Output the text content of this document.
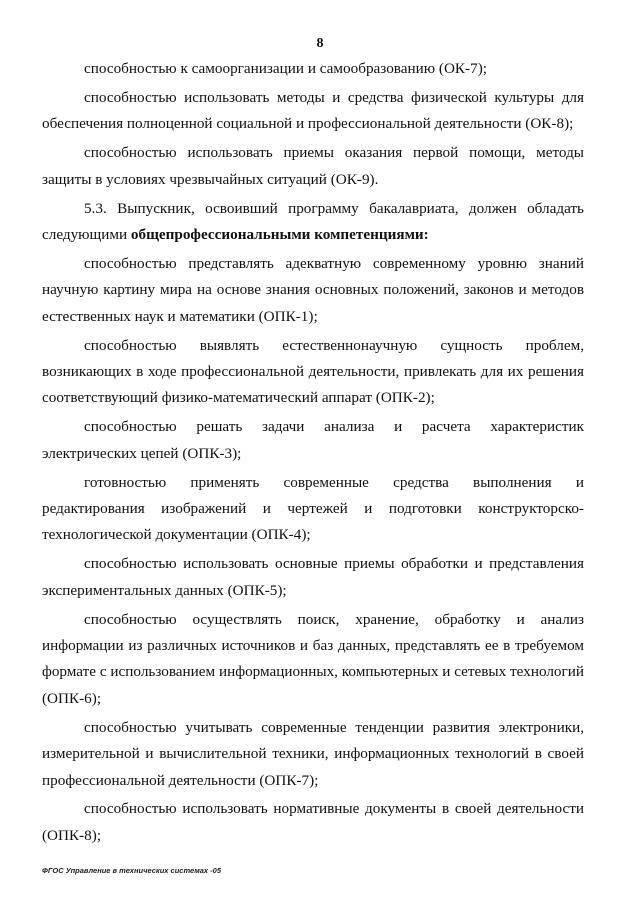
8

способностью к самоорганизации и самообразованию (ОК-7);

способностью использовать методы и средства физической культуры для обеспечения полноценной социальной и профессиональной деятельности (ОК-8);

способностью использовать приемы оказания первой помощи, методы защиты в условиях чрезвычайных ситуаций (ОК-9).

5.3. Выпускник, освоивший программу бакалавриата, должен обладать следующими общепрофессиональными компетенциями:

способностью представлять адекватную современному уровню знаний научную картину мира на основе знания основных положений, законов и методов естественных наук и математики (ОПК-1);

способностью выявлять естественнонаучную сущность проблем, возникающих в ходе профессиональной деятельности, привлекать для их решения соответствующий физико-математический аппарат (ОПК-2);

способностью решать задачи анализа и расчета характеристик электрических цепей (ОПК-3);

готовностью применять современные средства выполнения и редактирования изображений и чертежей и подготовки конструкторско-технологической документации (ОПК-4);

способностью использовать основные приемы обработки и представления экспериментальных данных (ОПК-5);

способностью осуществлять поиск, хранение, обработку и анализ информации из различных источников и баз данных, представлять ее в требуемом формате с использованием информационных, компьютерных и сетевых технологий (ОПК-6);

способностью учитывать современные тенденции развития электроники, измерительной и вычислительной техники, информационных технологий в своей профессиональной деятельности (ОПК-7);

способностью использовать нормативные документы в своей деятельности (ОПК-8);

ФГОС Управление в технических системах -05
